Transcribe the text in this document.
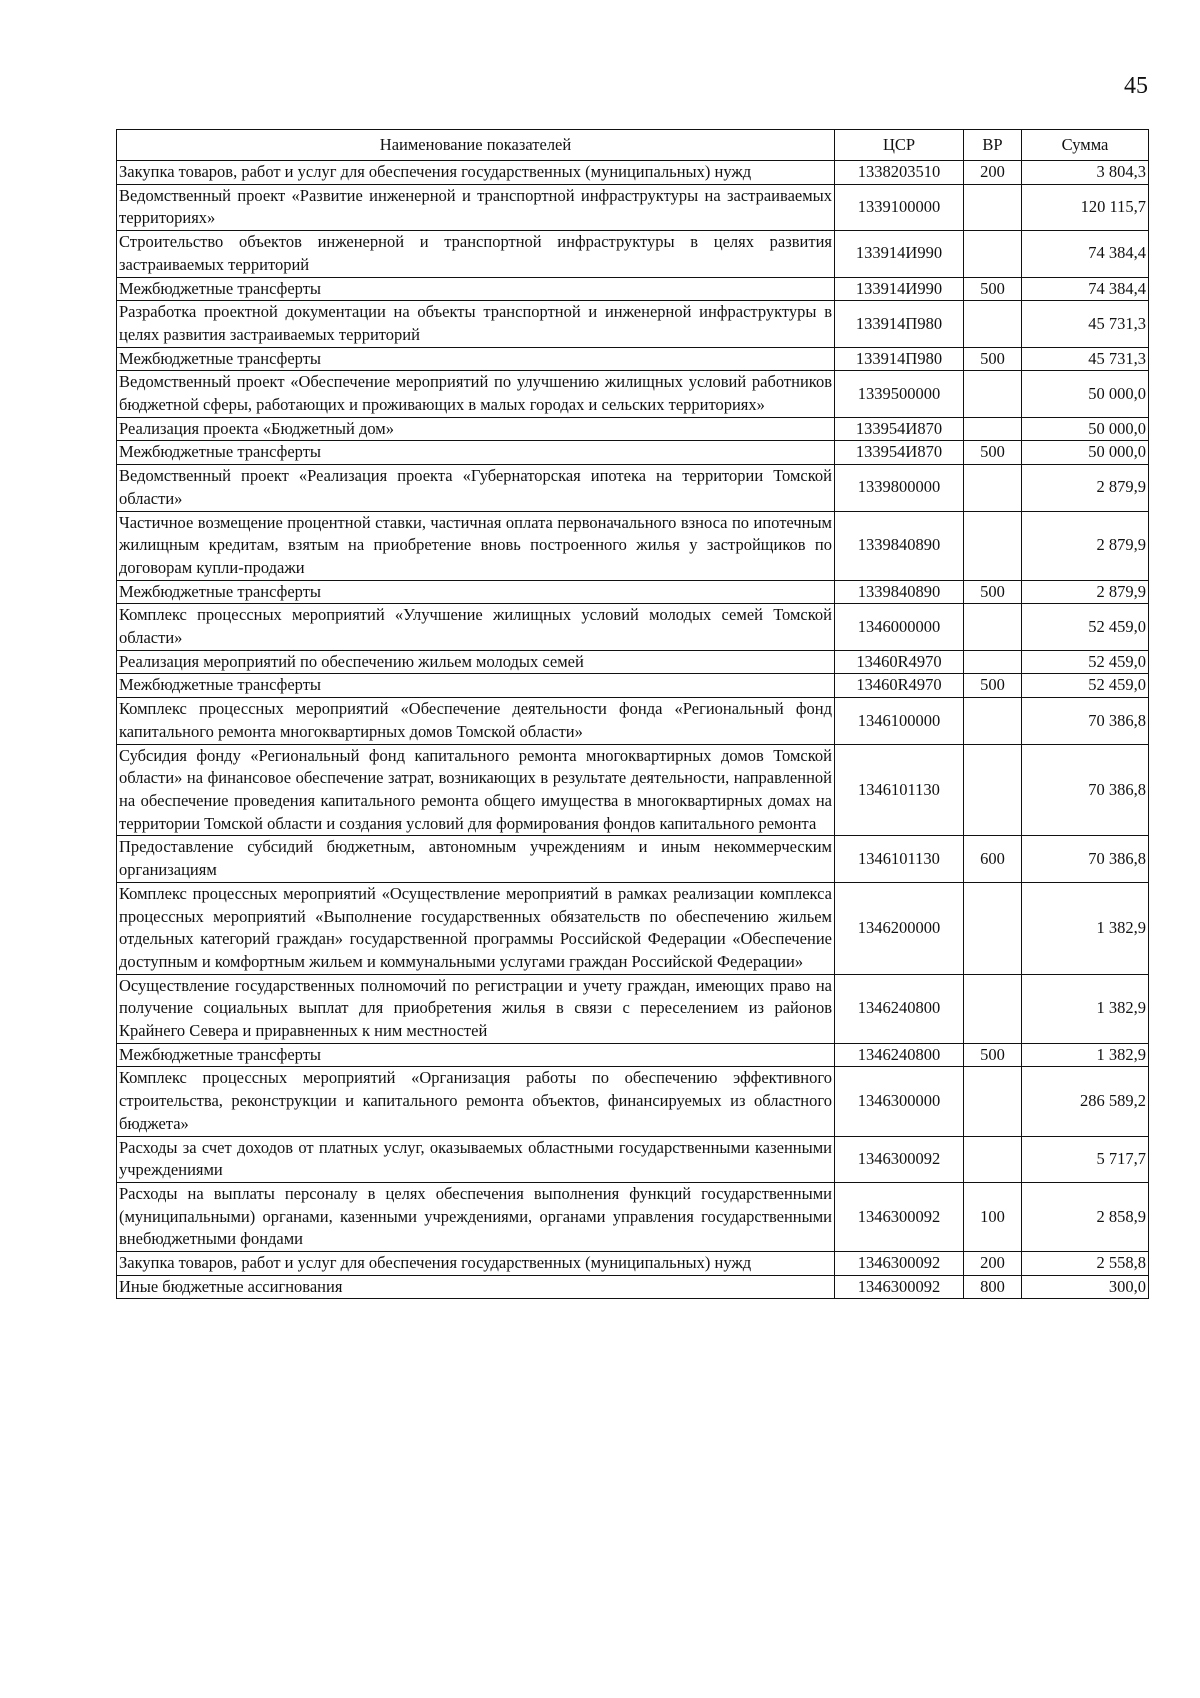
45
Наименование показателей	ЦСР	ВР	Сумма
Закупка товаров, работ и услуг для обеспечения государственных (муниципальных) нужд	1338203510	200	3 804,3
Ведомственный проект «Развитие инженерной и транспортной инфраструктуры на застраиваемых территориях»	1339100000		120 115,7
Строительство объектов инженерной и транспортной инфраструктуры в целях развития застраиваемых территорий	133914И990		74 384,4
Межбюджетные трансферты	133914И990	500	74 384,4
Разработка проектной документации на объекты транспортной и инженерной инфраструктуры в целях развития застраиваемых территорий	133914П980		45 731,3
Межбюджетные трансферты	133914П980	500	45 731,3
Ведомственный проект «Обеспечение мероприятий по улучшению жилищных условий работников бюджетной сферы, работающих и проживающих в малых городах и сельских территориях»	1339500000		50 000,0
Реализация проекта «Бюджетный дом»	133954И870		50 000,0
Межбюджетные трансферты	133954И870	500	50 000,0
Ведомственный проект «Реализация проекта «Губернаторская ипотека на территории Томской области»	1339800000		2 879,9
Частичное возмещение процентной ставки, частичная оплата первоначального взноса по ипотечным жилищным кредитам, взятым на приобретение вновь построенного жилья у застройщиков по договорам купли-продажи	1339840890		2 879,9
Межбюджетные трансферты	1339840890	500	2 879,9
Комплекс процессных мероприятий «Улучшение жилищных условий молодых семей Томской области»	1346000000		52 459,0
Реализация мероприятий по обеспечению жильем молодых семей	13460R4970		52 459,0
Межбюджетные трансферты	13460R4970	500	52 459,0
Комплекс процессных мероприятий «Обеспечение деятельности фонда «Региональный фонд капитального ремонта многоквартирных домов Томской области»	1346100000		70 386,8
Субсидия фонду «Региональный фонд капитального ремонта многоквартирных домов Томской области» на финансовое обеспечение затрат, возникающих в результате деятельности, направленной на обеспечение проведения капитального ремонта общего имущества в многоквартирных домах на территории Томской области и создания условий для формирования фондов капитального ремонта	1346101130		70 386,8
Предоставление субсидий бюджетным, автономным учреждениям и иным некоммерческим организациям	1346101130	600	70 386,8
Комплекс процессных мероприятий «Осуществление мероприятий в рамках реализации комплекса процессных мероприятий «Выполнение государственных обязательств по обеспечению жильем отдельных категорий граждан» государственной программы Российской Федерации «Обеспечение доступным и комфортным жильем и коммунальными услугами граждан Российской Федерации»	1346200000		1 382,9
Осуществление государственных полномочий по регистрации и учету граждан, имеющих право на получение социальных выплат для приобретения жилья в связи с переселением из районов Крайнего Севера и приравненных к ним местностей	1346240800		1 382,9
Межбюджетные трансферты	1346240800	500	1 382,9
Комплекс процессных мероприятий «Организация работы по обеспечению эффективного строительства, реконструкции и капитального ремонта объектов, финансируемых из областного бюджета»	1346300000		286 589,2
Расходы за счет доходов от платных услуг, оказываемых областными государственными казенными учреждениями	1346300092		5 717,7
Расходы на выплаты персоналу в целях обеспечения выполнения функций государственными (муниципальными) органами, казенными учреждениями, органами управления государственными внебюджетными фондами	1346300092	100	2 858,9
Закупка товаров, работ и услуг для обеспечения государственных (муниципальных) нужд	1346300092	200	2 558,8
Иные бюджетные ассигнования	1346300092	800	300,0
